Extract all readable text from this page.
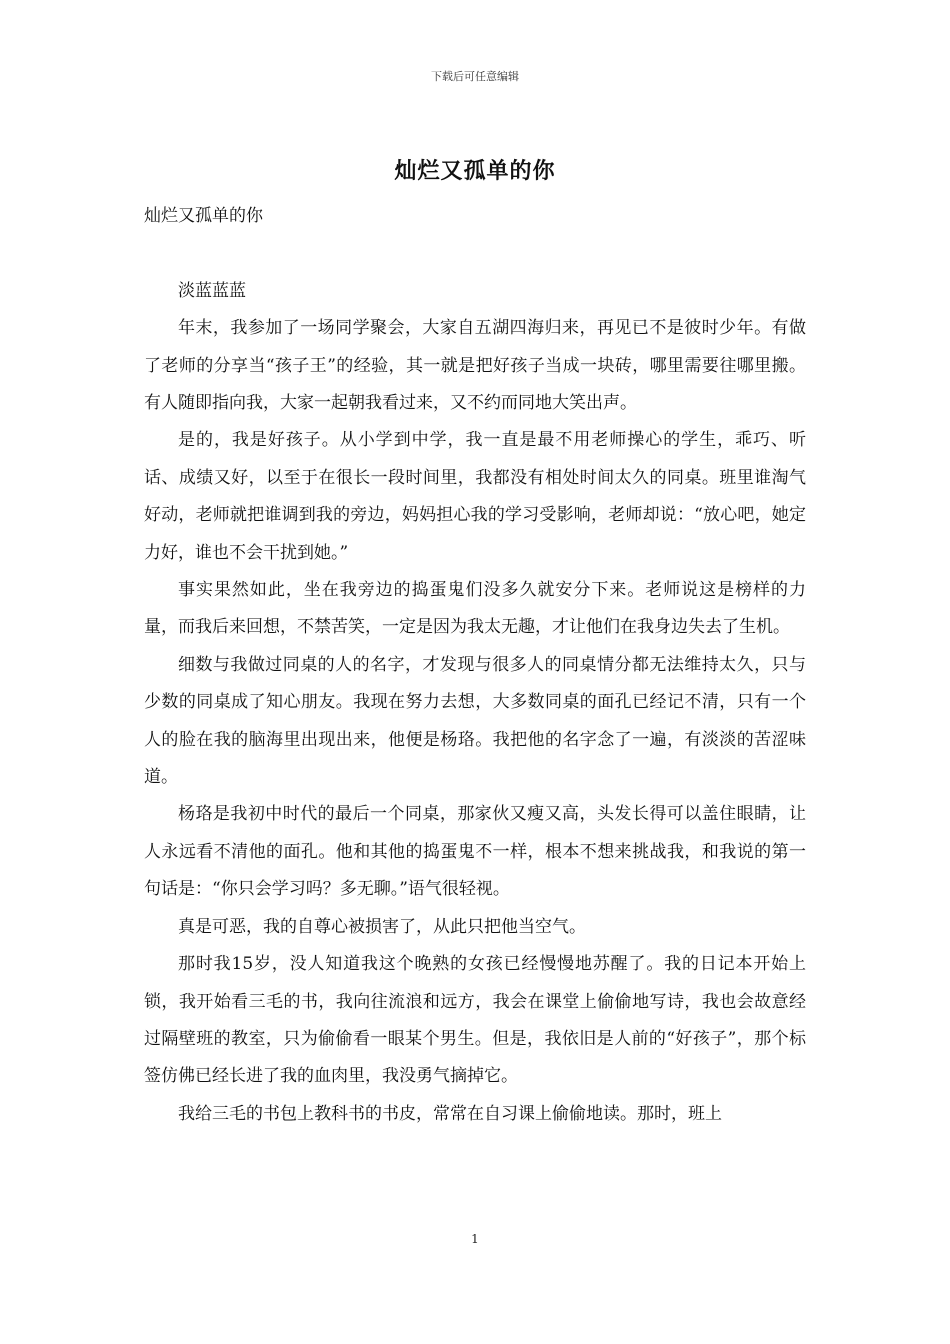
下载后可任意编辑
灿烂又孤单的你

灿烂又孤单的你

淡蓝蓝蓝

年末，我参加了一场同学聚会，大家自五湖四海归来，再见已不是彼时少年。有做了老师的分享当“孩子王”的经验，其一就是把好孩子当成一块砖，哪里需要往哪里搬。有人随即指向我，大家一起朝我看过来，又不约而同地大笑出声。

是的，我是好孩子。从小学到中学，我一直是最不用老师操心的学生，乖巧、听话、成绩又好，以至于在很长一段时间里，我都没有相处时间太久的同桌。班里谁淘气好动，老师就把谁调到我的旁边，妈妈担心我的学习受影响，老师却说：“放心吧，她定力好，谁也不会干扰到她。”

事实果然如此，坐在我旁边的捣蛋鬼们没多久就安分下来。老师说这是榜样的力量，而我后来回想，不禁苦笑，一定是因为我太无趣，才让他们在我身边失去了生机。

细数与我做过同桌的人的名字，才发现与很多人的同桌情分都无法维持太久，只与少数的同桌成了知心朋友。我现在努力去想，大多数同桌的面孔已经记不清，只有一个人的脸在我的脑海里出现出来，他便是杨珞。我把他的名字念了一遍，有淡淡的苦涩味道。

杨珞是我初中时代的最后一个同桌，那家伙又瘦又高，头发长得可以盖住眼睛，让人永远看不清他的面孔。他和其他的捣蛋鬼不一样，根本不想来挑战我，和我说的第一句话是：“你只会学习吗？多无聊。”语气很轻视。

真是可恶，我的自尊心被损害了，从此只把他当空气。

那时我15岁，没人知道我这个晚熟的女孩已经慢慢地苏醒了。我的日记本开始上锁，我开始看三毛的书，我向往流浪和远方，我会在课堂上偷偷地写诗，我也会故意经过隔壁班的教室，只为偷偷看一眼某个男生。但是，我依旧是人前的“好孩子”，那个标签仿佛已经长进了我的血肉里，我没勇气摘掉它。

我给三毛的书包上教科书的书皮，常常在自习课上偷偷地读。那时，班上

1
